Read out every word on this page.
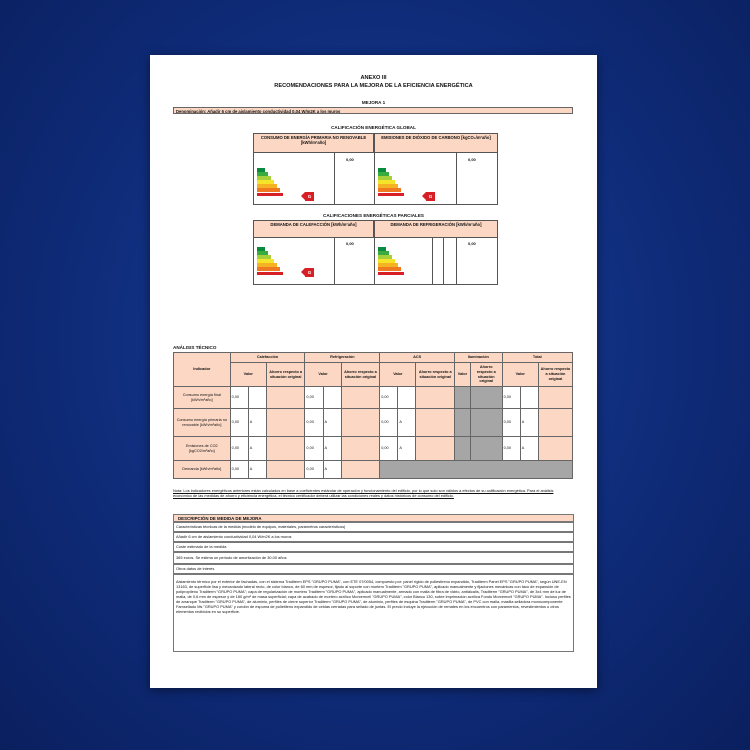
ANEXO III
RECOMENDACIONES PARA LA MEJORA DE LA EFICIENCIA ENERGÉTICA
MEJORA 1
Denominación: Añadir 6 cm de aislamiento conductividad 0,04 W/m2K a los muros
CALIFICACIÓN ENERGÉTICA GLOBAL
CONSUMO DE ENERGÍA PRIMARIA NO RENOVABLE [kWh/m²año]
EMISIONES DE DIÓXIDO DE CARBONO [kgCO₂/m²año]
0,00	0,00
G	G
CALIFICACIONES ENERGÉTICAS PARCIALES
DEMANDA DE CALEFACCIÓN [kWh/m²año]	DEMANDA DE REFRIGERACIÓN [kWh/m²año]
0,00	0,00
G
ANÁLISIS TÉCNICO
Indicador	Calefacción			Refrigeración			ACS			Iluminación		Total		
	Valor		Ahorro respecto a situación original	Valor		Ahorro respecto a situación original	Valor		Ahorro respecto a situación original	Valor	Ahorro respecto a situación original	Valor		Ahorro respecto a situación original
Consumo energía final [kWh/m²año]	0,00			0,00			0,00					0,00		
Consumo energía primaria no renovable [kWh/m²año]	0,00	A		0,00	A		0,00	A				0,00	A	
Emisiones de CO2 [kgCO2/m²año]	0,00	A		0,00	A		0,00	A				0,00	A	
Demanda [kWh/m²año]	0,00	A		0,00	A									
Nota: Los indicadores energéticos anteriores están calculados en base a coeficientes estándar de operación y funcionamiento del edificio, por lo que solo son válidos a efectos de su calificación energética. Para el análisis económico de las medidas de ahorro y eficiencia energética, el técnico certificador deberá utilizar las condiciones reales y datos históricos de consumo del edificio.
DESCRIPCIÓN DE MEDIDA DE MEJORA
Características técnicas de la medida (modelo de equipos, materiales, parámetros característicos)
Añadir 6 cm de aislamiento conductividad 0,04 W/m2K a los muros
Coste estimado de la medida
365 euros. Se estima un periodo de amortización de 30.00 años
Otros datos de interés
Aislamiento térmico por el exterior de fachadas, con el sistema Traditerm EPS "GRUPO PUMA", con ETE 07/0054, compuesto por: panel rígido de poliestireno expandido, Traditerm Panel EPS "GRUPO PUMA", según UNE-EN 13163, de superficie lisa y mecanizado lateral recto, de color blanco, de 60 mm de espesor, fijado al soporte con mortero Traditerm "GRUPO PUMA", aplicado manualmente y fijaciones mecánicas con taco de expansión de polipropileno Traditerm "GRUPO PUMA"; capa de regularización de mortero Traditerm "GRUPO PUMA", aplicado manualmente, armado con malla de fibra de vidrio, antiálcalis, Traditerm "GRUPO PUMA", de 3x4 mm de luz de malla, de 0,6 mm de espesor y de 160 g/m² de masa superficial; capa de acabado de mortero acrílico Morcemcril "GRUPO PUMA", color Blanco 130, sobre imprimación acrílica Fondo Morcemcril "GRUPO PUMA". Incluso perfiles de arranque Traditerm "GRUPO PUMA", de aluminio, perfiles de cierre superior Traditerm "GRUPO PUMA", de aluminio, perfiles de esquina Traditerm "GRUPO PUMA", de PVC con malla, masilla selladora monocomponente Famsellado Ms "GRUPO PUMA" y cordón de espuma de polietileno expandido de celdas cerradas para sellado de juntas. El precio incluye la ejecución de remates en los encuentros con paramentos, revestimientos u otros elementos recibidos en su superficie.
